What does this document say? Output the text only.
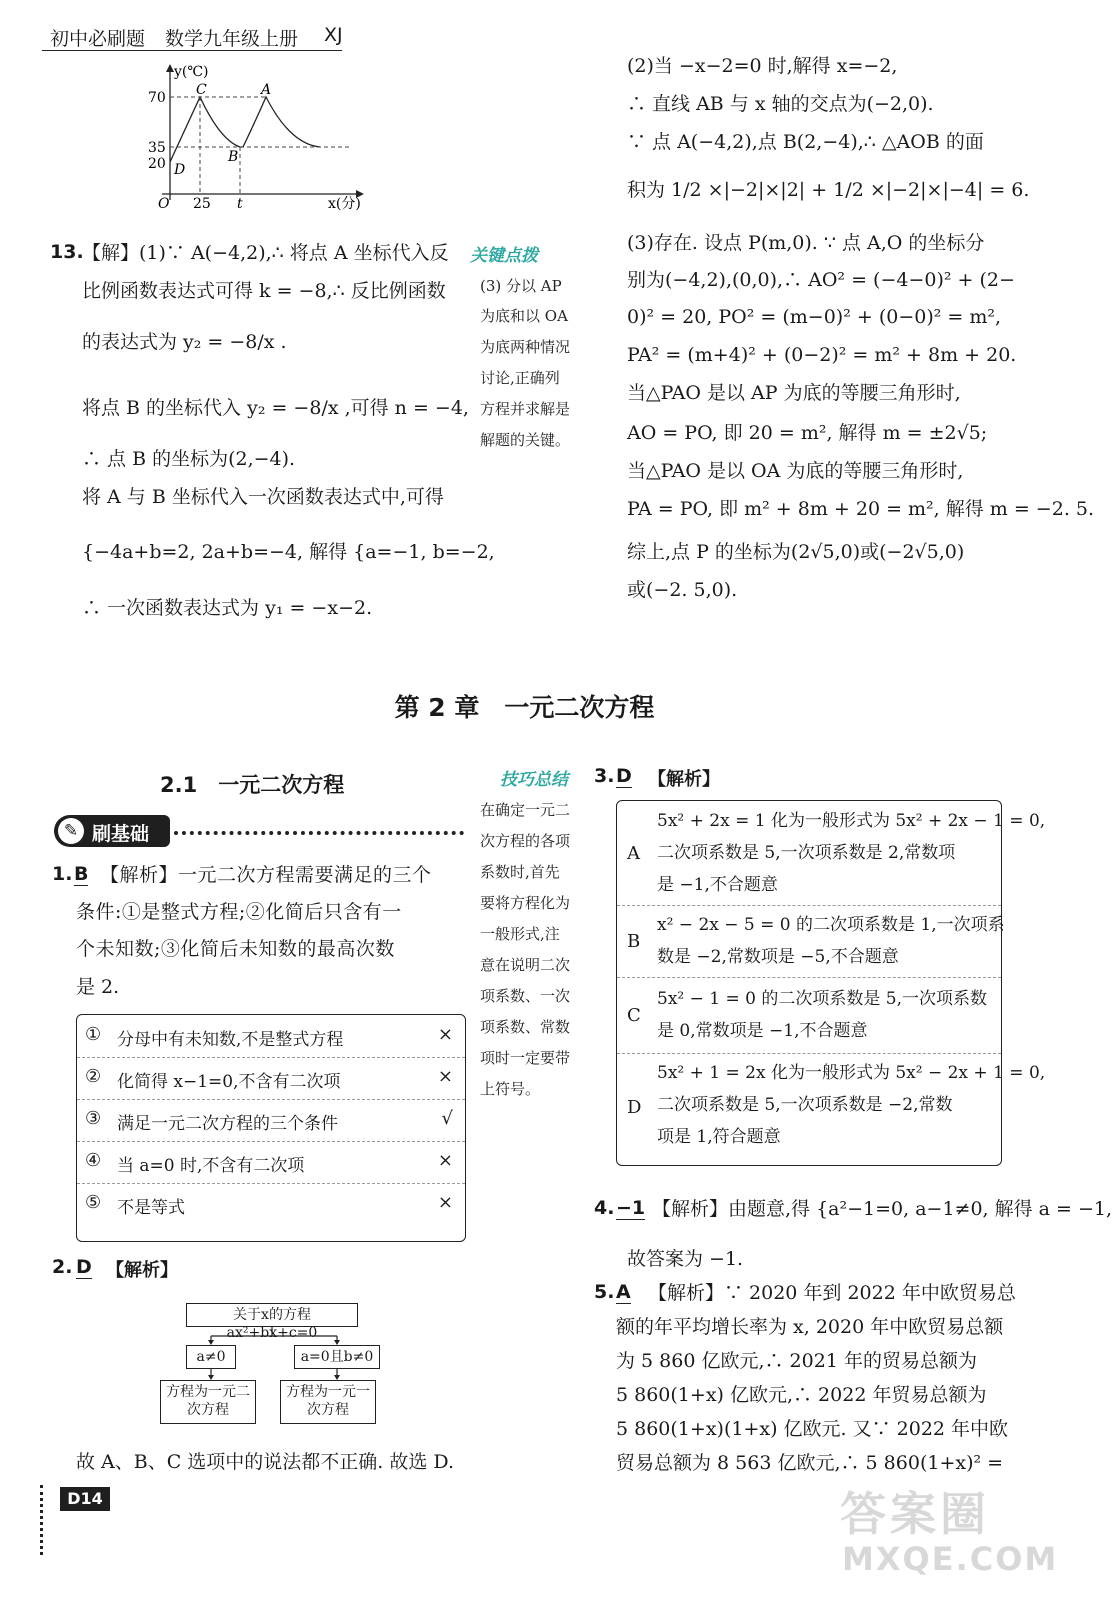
初中必刷题 数学九年级上册 XJ
y(℃)
x(分)
70
35
20
O 25 t
C	A
B
D
13.
【解】(1)∵ A(−4,2),∴ 将点 A 坐标代入反
比例函数表达式可得 k = −8,∴ 反比例函数
的表达式为 y₂ = −8/x .
将点 B 的坐标代入 y₂ = −8/x ,可得 n = −4,
∴ 点 B 的坐标为(2,−4).
将 A 与 B 坐标代入一次函数表达式中,可得
{−4a+b=2, 2a+b=−4, 解得 {a=−1, b=−2,
∴ 一次函数表达式为 y₁ = −x−2.
关键点拨
(3) 分以 AP
为底和以 OA
为底两种情况
讨论,正确列
方程并求解是
解题的关键。
(2)当 −x−2=0 时,解得 x=−2,
∴ 直线 AB 与 x 轴的交点为(−2,0).
∵ 点 A(−4,2),点 B(2,−4),∴ △AOB 的面
积为 1/2 ×|−2|×|2| + 1/2 ×|−2|×|−4| = 6.
(3)存在. 设点 P(m,0). ∵ 点 A,O 的坐标分
别为(−4,2),(0,0),∴ AO² = (−4−0)² + (2−
0)² = 20, PO² = (m−0)² + (0−0)² = m²,
PA² = (m+4)² + (0−2)² = m² + 8m + 20.
当△PAO 是以 AP 为底的等腰三角形时,
AO = PO, 即 20 = m², 解得 m = ±2√5;
当△PAO 是以 OA 为底的等腰三角形时,
PA = PO, 即 m² + 8m + 20 = m², 解得 m = −2. 5.
综上,点 P 的坐标为(2√5,0)或(−2√5,0)
或(−2. 5,0).
第 2 章　一元二次方程
2.1　一元二次方程
✎ 刷基础
1. B 【解析】一元二次方程需要满足的三个
条件:①是整式方程;②化简后只含有一
个未知数;③化简后未知数的最高次数
是 2.
① 分母中有未知数,不是整式方程	×
② 化简得 x−1=0,不含有二次项	×
③ 满足一元二次方程的三个条件	√
④ 当 a=0 时,不含有二次项	×
⑤ 不是等式	×
2. D 【解析】
关于x的方程ax²+bx+c=0
a≠0	a=0且b≠0
方程为一元二次方程
方程为一元一次方程
故 A、B、C 选项中的说法都不正确. 故选 D.
技巧总结
在确定一元二
次方程的各项
系数时,首先
要将方程化为
一般形式,注
意在说明二次
项系数、一次
项系数、常数
项时一定要带
上符号。
3. D 【解析】
A
5x² + 2x = 1 化为一般形式为 5x² + 2x − 1 = 0,
二次项系数是 5,一次项系数是 2,常数项
是 −1,不合题意
B
x² − 2x − 5 = 0 的二次项系数是 1,一次项系
数是 −2,常数项是 −5,不合题意
C
5x² − 1 = 0 的二次项系数是 5,一次项系数
是 0,常数项是 −1,不合题意
D
5x² + 1 = 2x 化为一般形式为 5x² − 2x + 1 = 0,
二次项系数是 5,一次项系数是 −2,常数
项是 1,符合题意
4. −1 【解析】由题意,得 {a²−1=0, a−1≠0, 解得 a = −1,
故答案为 −1.
5. A 【解析】∵ 2020 年到 2022 年中欧贸易总
额的年平均增长率为 x, 2020 年中欧贸易总额
为 5 860 亿欧元,∴ 2021 年的贸易总额为
5 860(1+x) 亿欧元,∴ 2022 年贸易总额为
5 860(1+x)(1+x) 亿欧元. 又∵ 2022 年中欧
贸易总额为 8 563 亿欧元,∴ 5 860(1+x)² =
D14	答案圈
MXQE.COM
